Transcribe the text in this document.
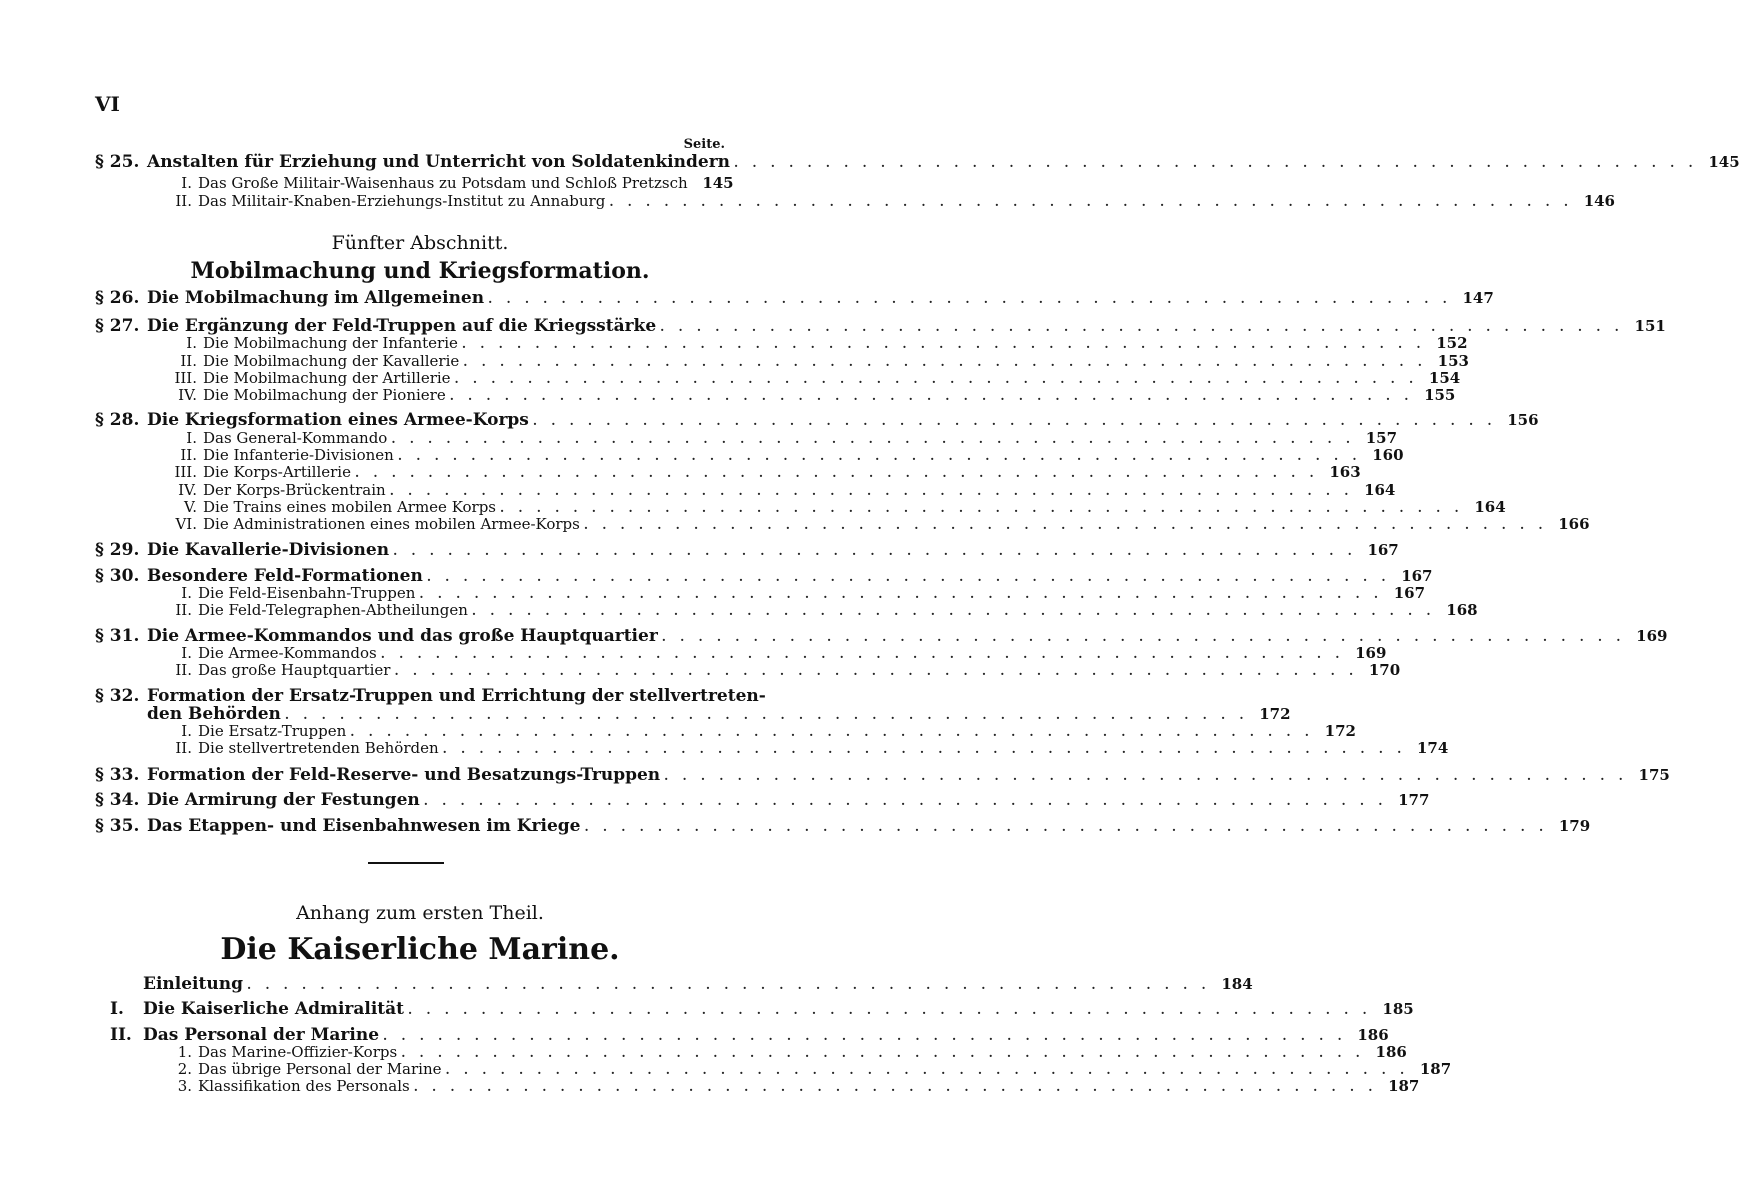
VI
Seite.
§ 25. Anstalten für Erziehung und Unterricht von Soldatenkindern . . . . . . . . . . . . . . . . . . . . . . . . . . . . . . . . . . . . . . . . . . . . . . . . . . . . . 145
I. Das Große Militair-Waisenhaus zu Potsdam und Schloß Pretzsch 145
II. Das Militair-Knaben-Erziehungs-Institut zu Annaburg . . . . . . . . . . . . . . . . . . . . . . . . . . . . . . . . . . . . . . . . . . . . . . . . . . . . . 146
Fünfter Abschnitt.
Mobilmachung und Kriegsformation.
§ 26. Die Mobilmachung im Allgemeinen . . . . . . . . . . . . . . . . . . . . . . . . . . . . . . . . . . . . . . . . . . . . . . . . . . . . . 147
§ 27. Die Ergänzung der Feld-Truppen auf die Kriegsstärke . . . . . . . . . . . . . . . . . . . . . . . . . . . . . . . . . . . . . . . . . . . . . . . . . . . . . 151
I. Die Mobilmachung der Infanterie . . . . . . . . . . . . . . . . . . . . . . . . . . . . . . . . . . . . . . . . . . . . . . . . . . . . . 152
II. Die Mobilmachung der Kavallerie . . . . . . . . . . . . . . . . . . . . . . . . . . . . . . . . . . . . . . . . . . . . . . . . . . . . . 153
III. Die Mobilmachung der Artillerie . . . . . . . . . . . . . . . . . . . . . . . . . . . . . . . . . . . . . . . . . . . . . . . . . . . . . 154
IV. Die Mobilmachung der Pioniere . . . . . . . . . . . . . . . . . . . . . . . . . . . . . . . . . . . . . . . . . . . . . . . . . . . . . 155
§ 28. Die Kriegsformation eines Armee-Korps . . . . . . . . . . . . . . . . . . . . . . . . . . . . . . . . . . . . . . . . . . . . . . . . . . . . . 156
I. Das General-Kommando . . . . . . . . . . . . . . . . . . . . . . . . . . . . . . . . . . . . . . . . . . . . . . . . . . . . . 157
II. Die Infanterie-Divisionen . . . . . . . . . . . . . . . . . . . . . . . . . . . . . . . . . . . . . . . . . . . . . . . . . . . . . 160
III. Die Korps-Artillerie . . . . . . . . . . . . . . . . . . . . . . . . . . . . . . . . . . . . . . . . . . . . . . . . . . . . . 163
IV. Der Korps-Brückentrain . . . . . . . . . . . . . . . . . . . . . . . . . . . . . . . . . . . . . . . . . . . . . . . . . . . . . 164
V. Die Trains eines mobilen Armee Korps . . . . . . . . . . . . . . . . . . . . . . . . . . . . . . . . . . . . . . . . . . . . . . . . . . . . . 164
VI. Die Administrationen eines mobilen Armee-Korps . . . . . . . . . . . . . . . . . . . . . . . . . . . . . . . . . . . . . . . . . . . . . . . . . . . . . 166
§ 29. Die Kavallerie-Divisionen . . . . . . . . . . . . . . . . . . . . . . . . . . . . . . . . . . . . . . . . . . . . . . . . . . . . . 167
§ 30. Besondere Feld-Formationen . . . . . . . . . . . . . . . . . . . . . . . . . . . . . . . . . . . . . . . . . . . . . . . . . . . . . 167
I. Die Feld-Eisenbahn-Truppen . . . . . . . . . . . . . . . . . . . . . . . . . . . . . . . . . . . . . . . . . . . . . . . . . . . . . 167
II. Die Feld-Telegraphen-Abtheilungen . . . . . . . . . . . . . . . . . . . . . . . . . . . . . . . . . . . . . . . . . . . . . . . . . . . . . 168
§ 31. Die Armee-Kommandos und das große Hauptquartier . . . . . . . . . . . . . . . . . . . . . . . . . . . . . . . . . . . . . . . . . . . . . . . . . . . . . 169
I. Die Armee-Kommandos . . . . . . . . . . . . . . . . . . . . . . . . . . . . . . . . . . . . . . . . . . . . . . . . . . . . . 169
II. Das große Hauptquartier . . . . . . . . . . . . . . . . . . . . . . . . . . . . . . . . . . . . . . . . . . . . . . . . . . . . . 170
§ 32. Formation der Ersatz-Truppen und Errichtung der stellvertreten-
den Behörden . . . . . . . . . . . . . . . . . . . . . . . . . . . . . . . . . . . . . . . . . . . . . . . . . . . . . 172
I. Die Ersatz-Truppen . . . . . . . . . . . . . . . . . . . . . . . . . . . . . . . . . . . . . . . . . . . . . . . . . . . . . 172
II. Die stellvertretenden Behörden . . . . . . . . . . . . . . . . . . . . . . . . . . . . . . . . . . . . . . . . . . . . . . . . . . . . . 174
§ 33. Formation der Feld-Reserve- und Besatzungs-Truppen . . . . . . . . . . . . . . . . . . . . . . . . . . . . . . . . . . . . . . . . . . . . . . . . . . . . . 175
§ 34. Die Armirung der Festungen . . . . . . . . . . . . . . . . . . . . . . . . . . . . . . . . . . . . . . . . . . . . . . . . . . . . . 177
§ 35. Das Etappen- und Eisenbahnwesen im Kriege . . . . . . . . . . . . . . . . . . . . . . . . . . . . . . . . . . . . . . . . . . . . . . . . . . . . . 179
Anhang zum ersten Theil.
Die Kaiserliche Marine.
Einleitung . . . . . . . . . . . . . . . . . . . . . . . . . . . . . . . . . . . . . . . . . . . . . . . . . . . . . 184
I.	Die Kaiserliche Admiralität . . . . . . . . . . . . . . . . . . . . . . . . . . . . . . . . . . . . . . . . . . . . . . . . . . . . . 185
II. Das Personal der Marine . . . . . . . . . . . . . . . . . . . . . . . . . . . . . . . . . . . . . . . . . . . . . . . . . . . . . 186
1. Das Marine-Offizier-Korps . . . . . . . . . . . . . . . . . . . . . . . . . . . . . . . . . . . . . . . . . . . . . . . . . . . . . 186
2. Das übrige Personal der Marine . . . . . . . . . . . . . . . . . . . . . . . . . . . . . . . . . . . . . . . . . . . . . . . . . . . . . 187
3. Klassifikation des Personals . . . . . . . . . . . . . . . . . . . . . . . . . . . . . . . . . . . . . . . . . . . . . . . . . . . . . 187
